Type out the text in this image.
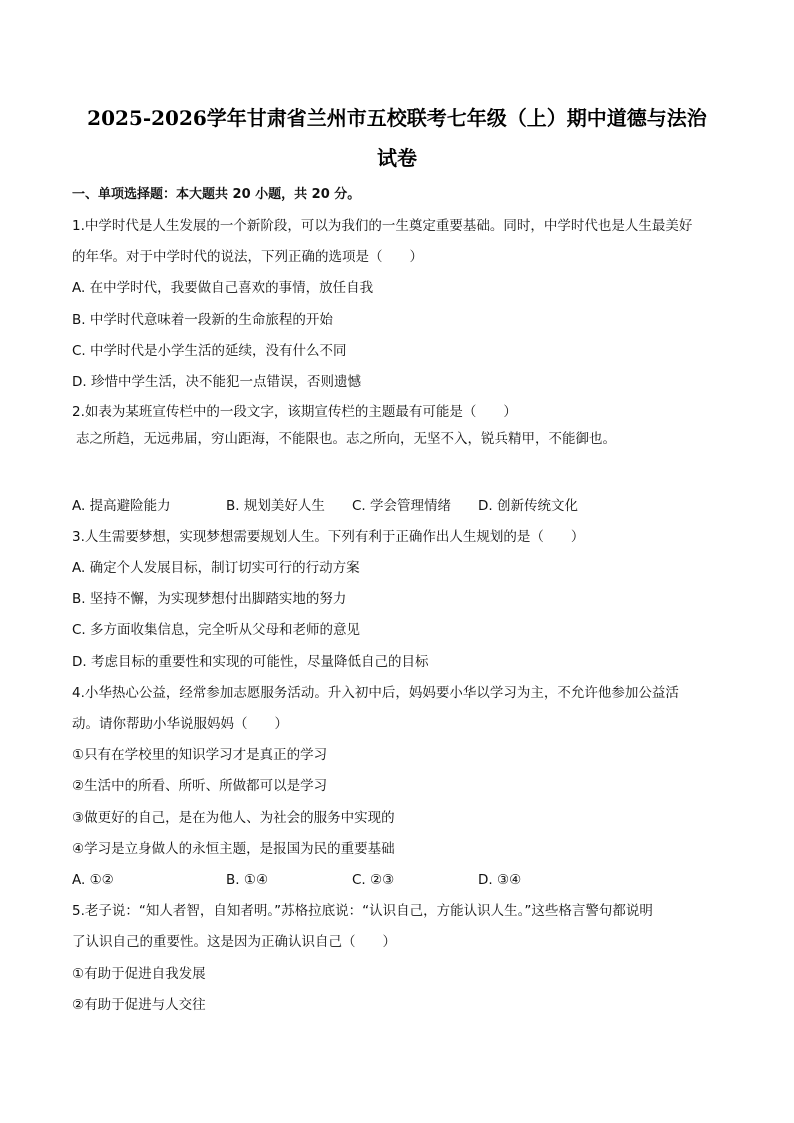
2025-2026学年甘肃省兰州市五校联考七年级（上）期中道德与法治
试卷
一、单项选择题：本大题共 20 小题，共 20 分。
1.中学时代是人生发展的一个新阶段，可以为我们的一生奠定重要基础。同时，中学时代也是人生最美好
的年华。对于中学时代的说法，下列正确的选项是（　　）
A. 在中学时代，我要做自己喜欢的事情，放任自我
B. 中学时代意味着一段新的生命旅程的开始
C. 中学时代是小学生活的延续，没有什么不同
D. 珍惜中学生活，决不能犯一点错误，否则遗憾
2.如表为某班宣传栏中的一段文字，该期宣传栏的主题最有可能是（　　）
志之所趋，无远弗届，穷山距海，不能限也。志之所向，无坚不入，锐兵精甲，不能御也。
A. 提高避险能力	B. 规划美好人生 C. 学会管理情绪 D. 创新传统文化
3.人生需要梦想，实现梦想需要规划人生。下列有利于正确作出人生规划的是（　　）
A. 确定个人发展目标，制订切实可行的行动方案
B. 坚持不懈，为实现梦想付出脚踏实地的努力
C. 多方面收集信息，完全听从父母和老师的意见
D. 考虑目标的重要性和实现的可能性，尽量降低自己的目标
4.小华热心公益，经常参加志愿服务活动。升入初中后，妈妈要小华以学习为主，不允许他参加公益活
动。请你帮助小华说服妈妈（　　）
①只有在学校里的知识学习才是真正的学习
②生活中的所看、所听、所做都可以是学习
③做更好的自己，是在为他人、为社会的服务中实现的
④学习是立身做人的永恒主题，是报国为民的重要基础
A. ①②	B. ①④	C. ②③	D. ③④
5.老子说：“知人者智，自知者明。”苏格拉底说：“认识自己，方能认识人生。”这些格言警句都说明
了认识自己的重要性。这是因为正确认识自己（　　）
①有助于促进自我发展
②有助于促进与人交往
